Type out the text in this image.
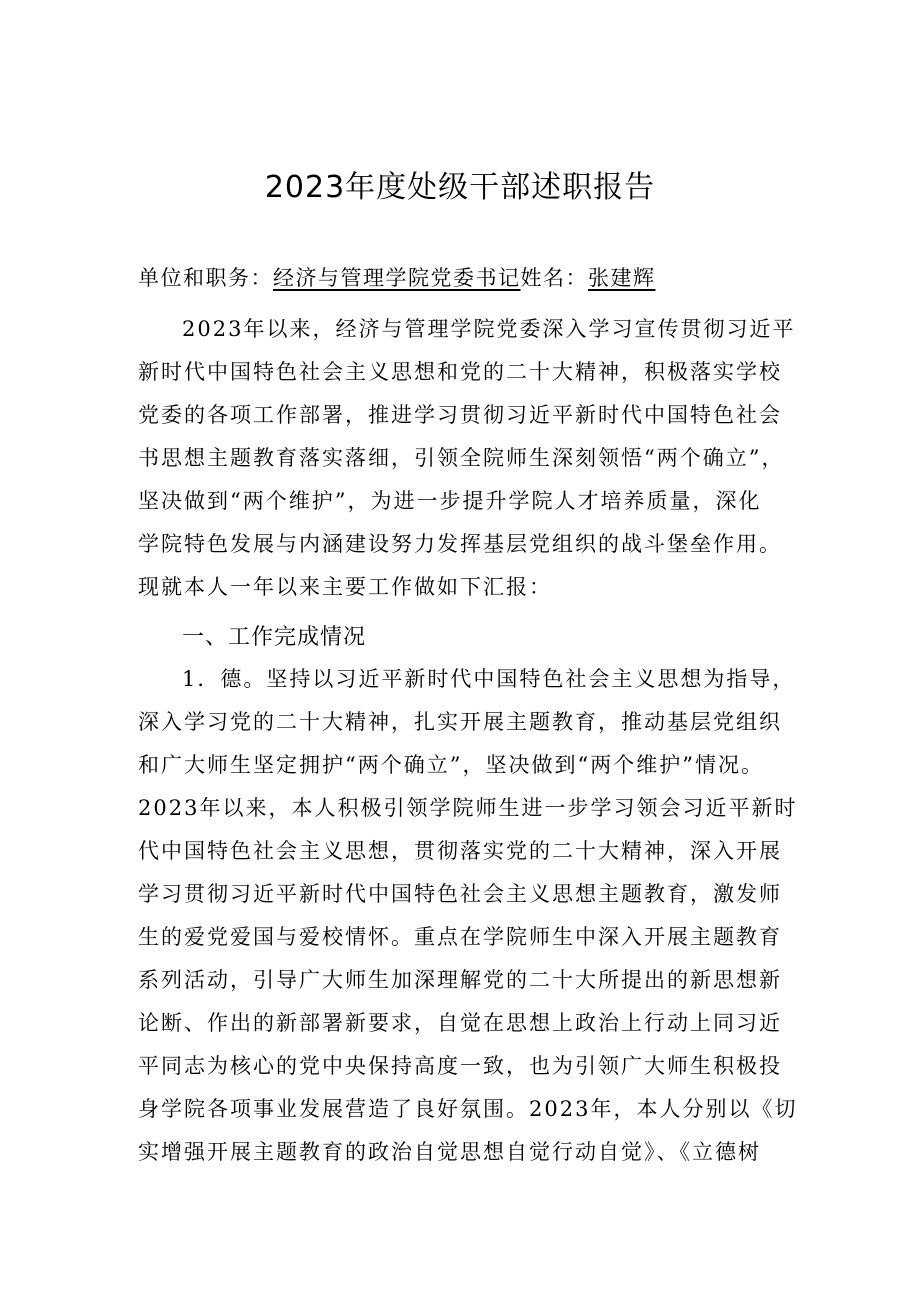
2023年度处级干部述职报告
单位和职务：经济与管理学院党委书记姓名：张建辉
2023年以来，经济与管理学院党委深入学习宣传贯彻习近平
新时代中国特色社会主义思想和党的二十大精神，积极落实学校
党委的各项工作部署，推进学习贯彻习近平新时代中国特色社会
书思想主题教育落实落细，引领全院师生深刻领悟“两个确立”，
坚决做到“两个维护”，为进一步提升学院人才培养质量，深化
学院特色发展与内涵建设努力发挥基层党组织的战斗堡垒作用。
现就本人一年以来主要工作做如下汇报：
一、工作完成情况
1．德。坚持以习近平新时代中国特色社会主义思想为指导，
深入学习党的二十大精神，扎实开展主题教育，推动基层党组织
和广大师生坚定拥护“两个确立”，坚决做到“两个维护”情况。
2023年以来，本人积极引领学院师生进一步学习领会习近平新时
代中国特色社会主义思想，贯彻落实党的二十大精神，深入开展
学习贯彻习近平新时代中国特色社会主义思想主题教育，激发师
生的爱党爱国与爱校情怀。重点在学院师生中深入开展主题教育
系列活动，引导广大师生加深理解党的二十大所提出的新思想新
论断、作出的新部署新要求，自觉在思想上政治上行动上同习近
平同志为核心的党中央保持高度一致，也为引领广大师生积极投
身学院各项事业发展营造了良好氛围。2023年，本人分别以《切
实增强开展主题教育的政治自觉思想自觉行动自觉》、《立德树
